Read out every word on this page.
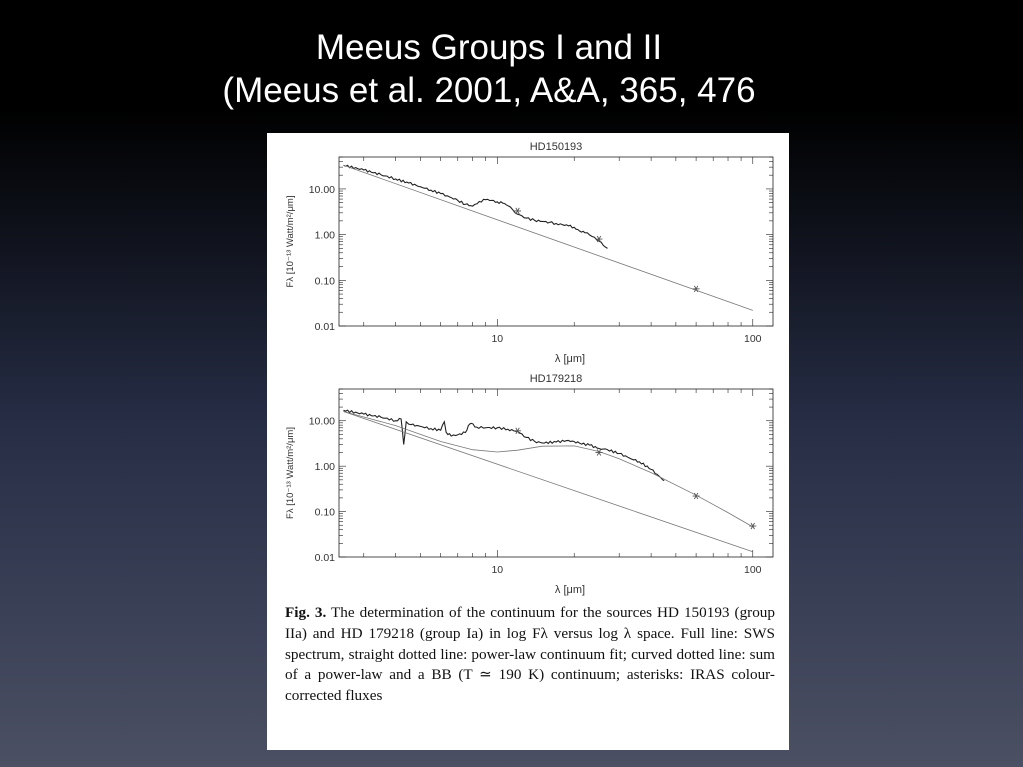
Meeus Groups I and II
(Meeus et al. 2001, A&A, 365, 476
10	100
0.01
0.10
1.00
10.00
HD150193
λ [μm]
Fλ [10⁻¹³ Watt/m²/μm]
10	100
0.01
0.10
1.00
10.00
HD179218
λ [μm]
Fλ [10⁻¹³ Watt/m²/μm]
Fig. 3. The determination of the continuum for the sources HD 150193 (group IIa) and HD 179218 (group Ia) in log Fλ versus log λ space. Full line: SWS spectrum, straight dotted line: power-law continuum fit; curved dotted line: sum of a power-law and a BB (T ≃ 190 K) continuum; asterisks: IRAS colour-corrected fluxes
